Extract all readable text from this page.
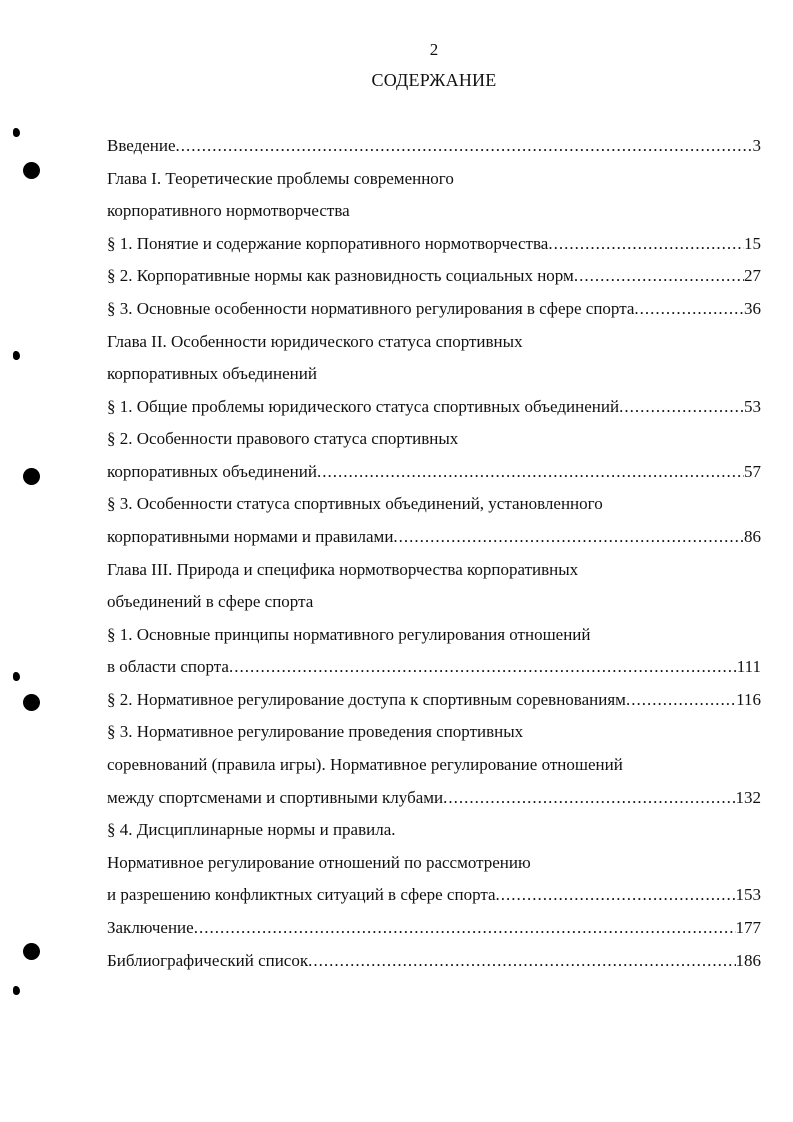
2
СОДЕРЖАНИЕ
Введение .....	3
Глава I. Теоретические проблемы современного
корпоративного нормотворчества
§ 1. Понятие и содержание корпоративного нормотворчества .....	15
§ 2. Корпоративные нормы как разновидность социальных норм .....	27
§ 3. Основные особенности нормативного регулирования в сфере спорта .....	36
Глава II. Особенности юридического статуса спортивных
корпоративных объединений
§ 1. Общие проблемы юридического статуса спортивных объединений .....	53
§ 2. Особенности правового статуса спортивных
корпоративных объединений .....	57
§ 3. Особенности статуса спортивных объединений, установленного
корпоративными нормами и правилами .....	86
Глава III. Природа и специфика нормотворчества корпоративных
объединений в сфере спорта
§ 1. Основные принципы нормативного регулирования отношений
в области спорта .....	111
§ 2. Нормативное регулирование доступа к спортивным соревнованиям .....	116
§ 3. Нормативное регулирование проведения спортивных
соревнований (правила игры). Нормативное регулирование отношений
между спортсменами и спортивными клубами .....	132
§ 4. Дисциплинарные нормы и правила.
Нормативное регулирование отношений по рассмотрению
и разрешению конфликтных ситуаций в сфере спорта .....	153
Заключение .....	177
Библиографический список .....	186
